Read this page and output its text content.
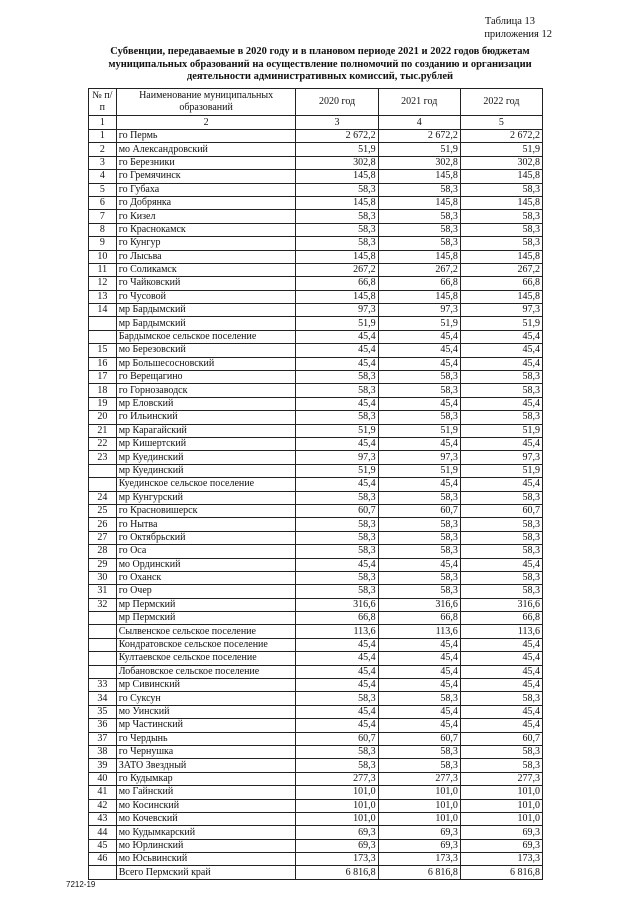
Таблица 13
приложения 12
Субвенции, передаваемые в 2020 году и в плановом периоде 2021 и 2022 годов бюджетам муниципальных образований на осуществление полномочий по созданию и организации деятельности административных комиссий, тыс.рублей
№ п/п	Наименование муниципальных образований	2020 год	2021 год	2022 год
1	2	3	4	5
1	го Пермь	2 672,2	2 672,2	2 672,2
2	мо Александровский	51,9	51,9	51,9
3	го Березники	302,8	302,8	302,8
4	го Гремячинск	145,8	145,8	145,8
5	го Губаха	58,3	58,3	58,3
6	го Добрянка	145,8	145,8	145,8
7	го Кизел	58,3	58,3	58,3
8	го Краснокамск	58,3	58,3	58,3
9	го Кунгур	58,3	58,3	58,3
10	го Лысьва	145,8	145,8	145,8
11	го Соликамск	267,2	267,2	267,2
12	го Чайковский	66,8	66,8	66,8
13	го Чусовой	145,8	145,8	145,8
14	мр Бардымский	97,3	97,3	97,3
	мр Бардымский	51,9	51,9	51,9
	Бардымское сельское поселение	45,4	45,4	45,4
15	мо Березовский	45,4	45,4	45,4
16	мр Большесосновский	45,4	45,4	45,4
17	го Верещагино	58,3	58,3	58,3
18	го Горнозаводск	58,3	58,3	58,3
19	мр Еловский	45,4	45,4	45,4
20	го Ильинский	58,3	58,3	58,3
21	мр Карагайский	51,9	51,9	51,9
22	мр Кишертский	45,4	45,4	45,4
23	мр Куединский	97,3	97,3	97,3
	мр Куединский	51,9	51,9	51,9
	Куединское сельское поселение	45,4	45,4	45,4
24	мр Кунгурский	58,3	58,3	58,3
25	го Красновишерск	60,7	60,7	60,7
26	го Нытва	58,3	58,3	58,3
27	го Октябрьский	58,3	58,3	58,3
28	го Оса	58,3	58,3	58,3
29	мо Ординский	45,4	45,4	45,4
30	го Оханск	58,3	58,3	58,3
31	го Очер	58,3	58,3	58,3
32	мр Пермский	316,6	316,6	316,6
	мр Пермский	66,8	66,8	66,8
	Сылвенское сельское поселение	113,6	113,6	113,6
	Кондратовское сельское поселение	45,4	45,4	45,4
	Култаевское сельское поселение	45,4	45,4	45,4
	Лобановское сельское поселение	45,4	45,4	45,4
33	мр Сивинский	45,4	45,4	45,4
34	го Суксун	58,3	58,3	58,3
35	мо Уинский	45,4	45,4	45,4
36	мр Частинский	45,4	45,4	45,4
37	го Чердынь	60,7	60,7	60,7
38	го Чернушка	58,3	58,3	58,3
39	ЗАТО Звездный	58,3	58,3	58,3
40	го Кудымкар	277,3	277,3	277,3
41	мо Гайнский	101,0	101,0	101,0
42	мо Косинский	101,0	101,0	101,0
43	мо Кочевский	101,0	101,0	101,0
44	мо Кудымкарский	69,3	69,3	69,3
45	мо Юрлинский	69,3	69,3	69,3
46	мо Юсьвинский	173,3	173,3	173,3
	Всего Пермский край	6 816,8	6 816,8	6 816,8
7212-19
